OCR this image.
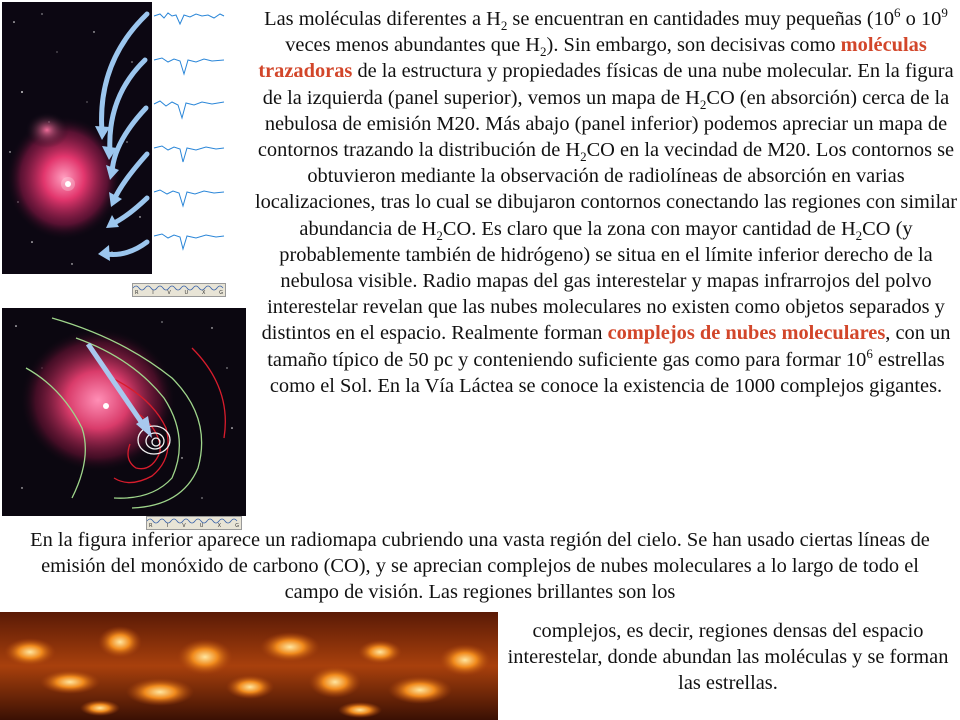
R	I	V	U	X	G
R	I	V	U	X	G

Las moléculas diferentes a $H_2$ se encuentran en cantidades muy pequeñas ($10^6$ o $10^9$ veces menos abundantes que $H_2$). Sin embargo, son decisivas como moléculas trazadoras de la estructura y propiedades físicas de una nube molecular. En la figura de la izquierda (panel superior), vemos un mapa de $H_2CO$ (en absorción) cerca de la nebulosa de emisión M20. Más abajo (panel inferior) podemos apreciar un mapa de contornos trazando la distribución de $H_2CO$ en la vecindad de M20. Los contornos se obtuvieron mediante la observación de radiolíneas de absorción en varias localizaciones, tras lo cual se dibujaron contornos conectando las regiones con similar abundancia de $H_2CO$. Es claro que la zona con mayor cantidad de $H_2CO$ (y probablemente también de hidrógeno) se situa en el límite inferior derecho de la nebulosa visible. Radio mapas del gas interestelar y mapas infrarrojos del polvo interestelar revelan que las nubes moleculares no existen como objetos separados y distintos en el espacio. Realmente forman complejos de nubes moleculares, con un tamaño típico de 50 pc y conteniendo suficiente gas como para formar $10^6$ estrellas como el Sol. En la Vía Láctea se conoce la existencia de 1000 complejos gigantes.

En la figura inferior aparece un radiomapa cubriendo una vasta región del cielo. Se han usado ciertas líneas de emisión del monóxido de carbono (CO), y se aprecian complejos de nubes moleculares a lo largo de todo el campo de visión. Las regiones brillantes son los

complejos, es decir, regiones densas del espacio interestelar, donde abundan las moléculas y se forman las estrellas.
